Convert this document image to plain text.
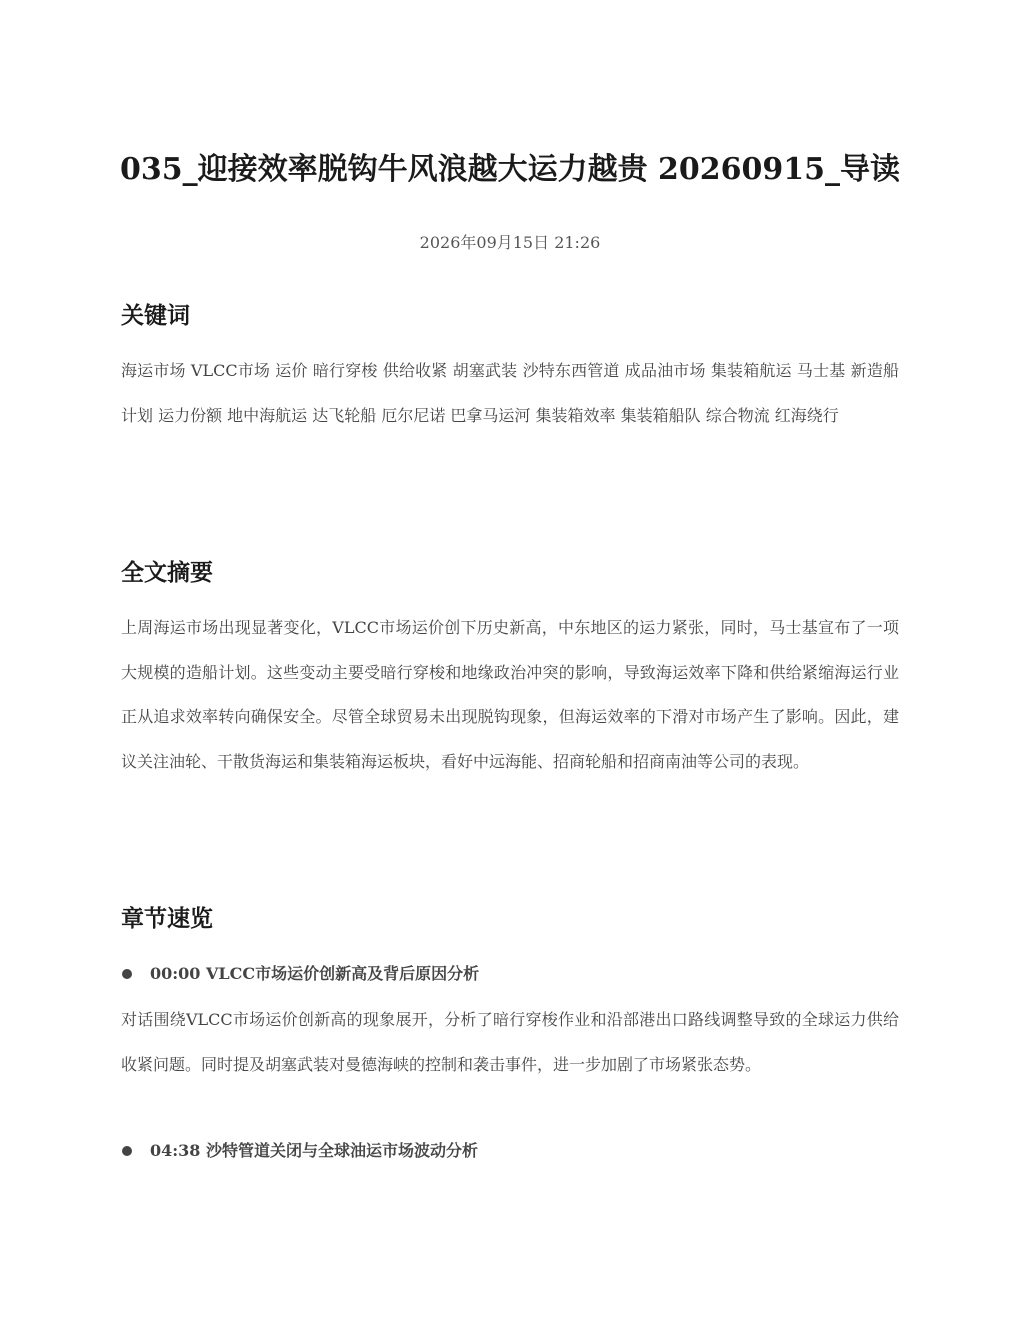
035_迎接效率脱钩牛风浪越大运力越贵 20260915_导读
2026年09月15日 21:26
关键词

海运市场 VLCC市场 运价 暗行穿梭 供给收紧 胡塞武装 沙特东西管道 成品油市场 集装箱航运 马士基 新造船计划 运力份额 地中海航运 达飞轮船 厄尔尼诺 巴拿马运河 集装箱效率 集装箱船队 综合物流 红海绕行

全文摘要

上周海运市场出现显著变化，VLCC市场运价创下历史新高，中东地区的运力紧张，同时，马士基宣布了一项大规模的造船计划。这些变动主要受暗行穿梭和地缘政治冲突的影响，导致海运效率下降和供给紧缩海运行业正从追求效率转向确保安全。尽管全球贸易未出现脱钩现象，但海运效率的下滑对市场产生了影响。因此，建议关注油轮、干散货海运和集装箱海运板块，看好中远海能、招商轮船和招商南油等公司的表现。

章节速览
00:00 VLCC市场运价创新高及背后原因分析

对话围绕VLCC市场运价创新高的现象展开，分析了暗行穿梭作业和沿部港出口路线调整导致的全球运力供给收紧问题。同时提及胡塞武装对曼德海峡的控制和袭击事件，进一步加剧了市场紧张态势。

04:38 沙特管道关闭与全球油运市场波动分析
